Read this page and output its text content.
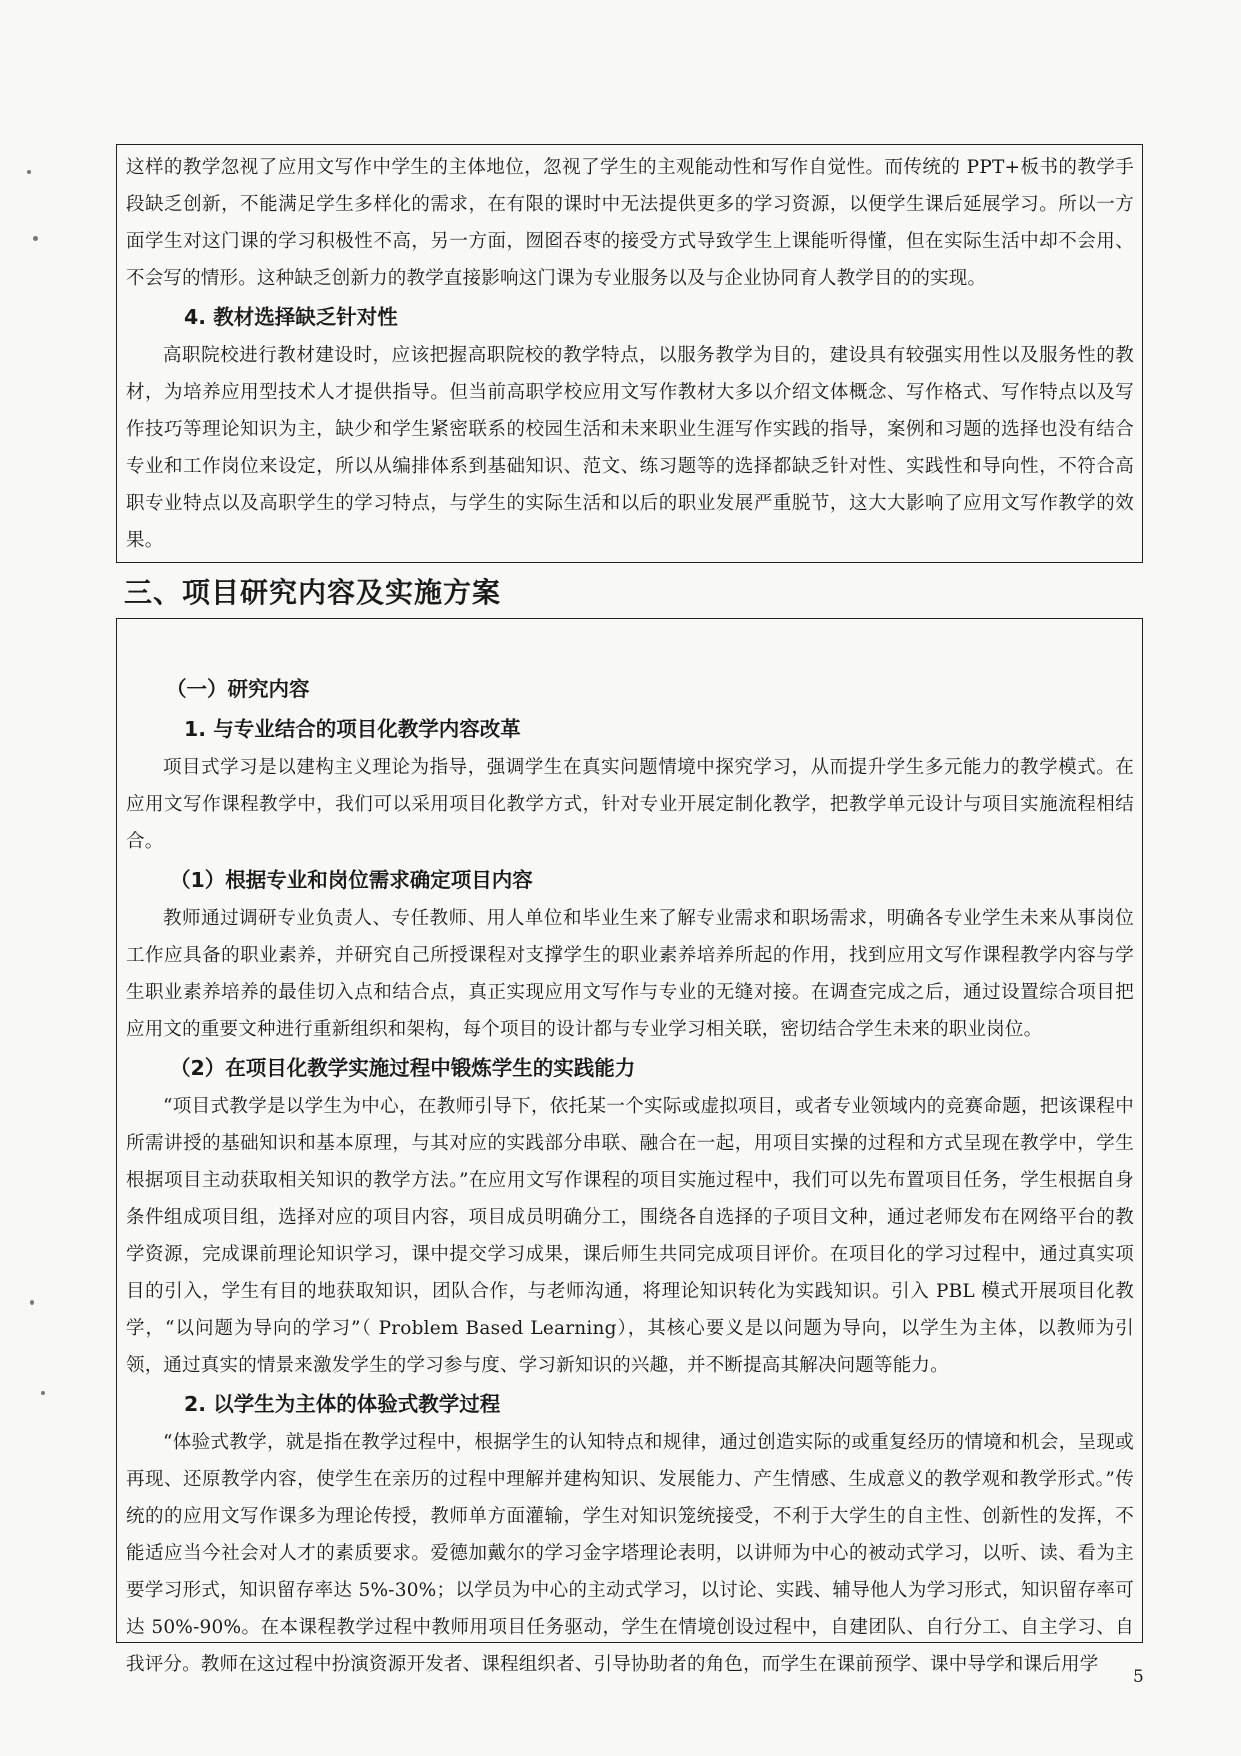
这样的教学忽视了应用文写作中学生的主体地位，忽视了学生的主观能动性和写作自觉性。而传统的 PPT+板书的教学手段缺乏创新，不能满足学生多样化的需求，在有限的课时中无法提供更多的学习资源，以便学生课后延展学习。所以一方面学生对这门课的学习积极性不高，另一方面，囫囵吞枣的接受方式导致学生上课能听得懂，但在实际生活中却不会用、不会写的情形。这种缺乏创新力的教学直接影响这门课为专业服务以及与企业协同育人教学目的的实现。

4. 教材选择缺乏针对性

高职院校进行教材建设时，应该把握高职院校的教学特点，以服务教学为目的，建设具有较强实用性以及服务性的教材，为培养应用型技术人才提供指导。但当前高职学校应用文写作教材大多以介绍文体概念、写作格式、写作特点以及写作技巧等理论知识为主，缺少和学生紧密联系的校园生活和未来职业生涯写作实践的指导，案例和习题的选择也没有结合专业和工作岗位来设定，所以从编排体系到基础知识、范文、练习题等的选择都缺乏针对性、实践性和导向性，不符合高职专业特点以及高职学生的学习特点，与学生的实际生活和以后的职业发展严重脱节，这大大影响了应用文写作教学的效果。

三、项目研究内容及实施方案
（一）研究内容
1. 与专业结合的项目化教学内容改革

项目式学习是以建构主义理论为指导，强调学生在真实问题情境中探究学习，从而提升学生多元能力的教学模式。在应用文写作课程教学中，我们可以采用项目化教学方式，针对专业开展定制化教学，把教学单元设计与项目实施流程相结合。

（1）根据专业和岗位需求确定项目内容

教师通过调研专业负责人、专任教师、用人单位和毕业生来了解专业需求和职场需求，明确各专业学生未来从事岗位工作应具备的职业素养，并研究自己所授课程对支撑学生的职业素养培养所起的作用，找到应用文写作课程教学内容与学生职业素养培养的最佳切入点和结合点，真正实现应用文写作与专业的无缝对接。在调查完成之后，通过设置综合项目把应用文的重要文种进行重新组织和架构，每个项目的设计都与专业学习相关联，密切结合学生未来的职业岗位。

（2）在项目化教学实施过程中锻炼学生的实践能力

“项目式教学是以学生为中心，在教师引导下，依托某一个实际或虚拟项目，或者专业领域内的竞赛命题，把该课程中所需讲授的基础知识和基本原理，与其对应的实践部分串联、融合在一起，用项目实操的过程和方式呈现在教学中，学生根据项目主动获取相关知识的教学方法。”在应用文写作课程的项目实施过程中，我们可以先布置项目任务，学生根据自身条件组成项目组，选择对应的项目内容，项目成员明确分工，围绕各自选择的子项目文种，通过老师发布在网络平台的教学资源，完成课前理论知识学习，课中提交学习成果，课后师生共同完成项目评价。在项目化的学习过程中，通过真实项目的引入，学生有目的地获取知识，团队合作，与老师沟通，将理论知识转化为实践知识。引入 PBL 模式开展项目化教学，“以问题为导向的学习”（ Problem Based Learning），其核心要义是以问题为导向，以学生为主体，以教师为引领，通过真实的情景来激发学生的学习参与度、学习新知识的兴趣，并不断提高其解决问题等能力。

2. 以学生为主体的体验式教学过程

“体验式教学，就是指在教学过程中，根据学生的认知特点和规律，通过创造实际的或重复经历的情境和机会，呈现或再现、还原教学内容，使学生在亲历的过程中理解并建构知识、发展能力、产生情感、生成意义的教学观和教学形式。”传统的的应用文写作课多为理论传授，教师单方面灌输，学生对知识笼统接受，不利于大学生的自主性、创新性的发挥，不能适应当今社会对人才的素质要求。爱德加戴尔的学习金字塔理论表明，以讲师为中心的被动式学习，以听、读、看为主要学习形式，知识留存率达 5%-30%；以学员为中心的主动式学习，以讨论、实践、辅导他人为学习形式，知识留存率可达 50%-90%。在本课程教学过程中教师用项目任务驱动，学生在情境创设过程中，自建团队、自行分工、自主学习、自我评分。教师在这过程中扮演资源开发者、课程组织者、引导协助者的角色，而学生在课前预学、课中导学和课后用学

5
